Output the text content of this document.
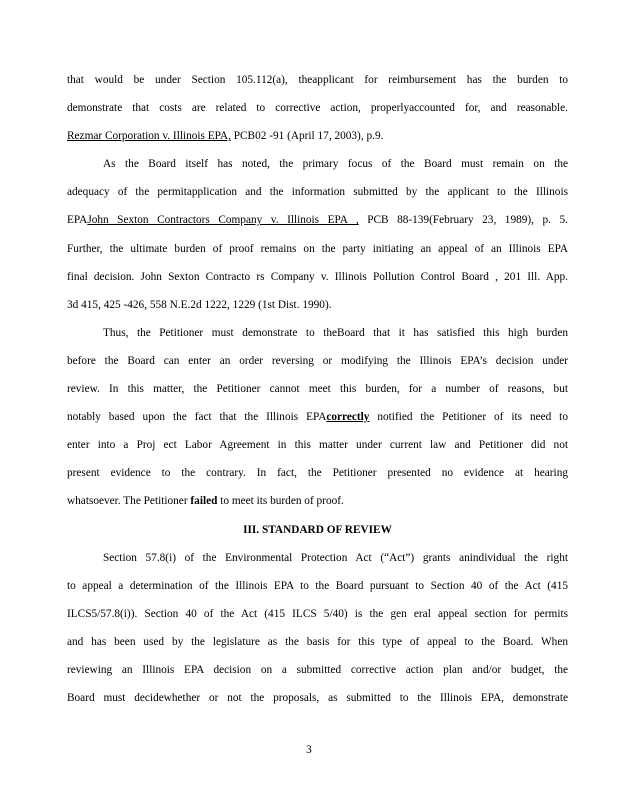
that would be under Section 105.112(a), theapplicant for reimbursement has the burden to
demonstrate that costs are related to corrective action, properlyaccounted for, and reasonable.
Rezmar Corporation v. Illinois EPA, PCB02 -91 (April 17, 2003), p.9.
As the Board itself has noted, the primary focus of the Board must remain on the
adequacy of the permitapplication and the information submitted by the applicant to the Illinois
EPAJohn Sexton Contractors Company v. Illinois EPA , PCB 88-139(February 23, 1989), p. 5.
Further, the ultimate burden of proof remains on the party initiating an appeal of an Illinois EPA
final decision. John Sexton Contracto rs Company v. Illinois Pollution Control Board , 201 Ill. App.
3d 415, 425 -426, 558 N.E.2d 1222, 1229 (1st Dist. 1990).
Thus, the Petitioner must demonstrate to theBoard that it has satisfied this high burden
before the Board can enter an order reversing or modifying the Illinois EPA’s decision under
review. In this matter, the Petitioner cannot meet this burden, for a number of reasons, but
notably based upon the fact that the Illinois EPAcorrectly notified the Petitioner of its need to
enter into a Proj ect Labor Agreement in this matter under current law and Petitioner did not
present evidence to the contrary. In fact, the Petitioner presented no evidence at hearing
whatsoever. The Petitioner failed to meet its burden of proof.
III. STANDARD OF REVIEW
Section 57.8(i) of the Environmental Protection Act (“Act”) grants anindividual the right
to appeal a determination of the Illinois EPA to the Board pursuant to Section 40 of the Act (415
ILCS5/57.8(i)). Section 40 of the Act (415 ILCS 5/40) is the gen eral appeal section for permits
and has been used by the legislature as the basis for this type of appeal to the Board. When
reviewing an Illinois EPA decision on a submitted corrective action plan and/or budget, the
Board must decidewhether or not the proposals, as submitted to the Illinois EPA, demonstrate
3
